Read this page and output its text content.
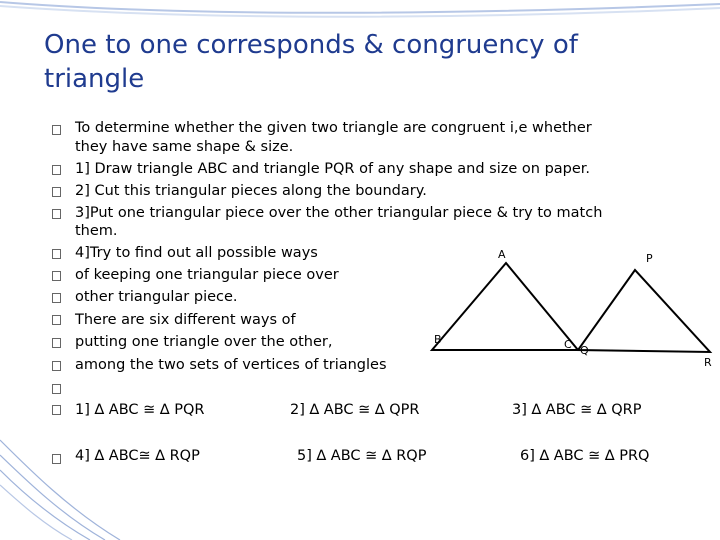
One to one corresponds & congruency of triangle
To determine whether the given two triangle are congruent i,e whether
they have same shape & size.
1] Draw triangle ABC and triangle PQR of any shape and size on paper.
2] Cut this triangular pieces along the boundary.
3]Put one triangular piece over the other triangular piece & try to match
them.
4]Try to find out all possible ways
of keeping one triangular piece over
other triangular piece.
There are six different ways of
putting one triangle over the other,
among the two sets of vertices of triangles
1] ∆ ABC ≅ ∆ PQR	2] ∆ ABC ≅ ∆ QPR	3] ∆ ABC ≅ ∆ QRP
4] ∆ ABC≅ ∆ RQP	5] ∆ ABC ≅ ∆ RQP	6] ∆ ABC ≅ ∆ PRQ
A
B	C
P
Q
R
